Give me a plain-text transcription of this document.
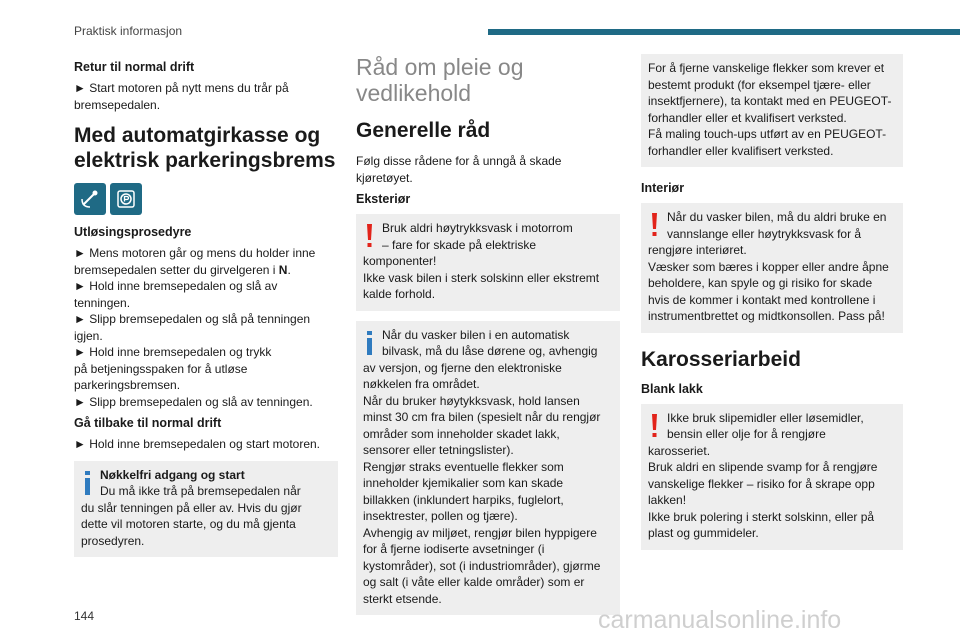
Praktisk informasjon
Retur til normal drift
► Start motoren på nytt mens du trår på
bremsepedalen.
Med automatgirkasse og
elektrisk parkeringsbrems
Utløsingsprosedyre
► Mens motoren går og mens du holder inne
bremsepedalen setter du girvelgeren i N.
► Hold inne bremsepedalen og slå av
tenningen.
► Slipp bremsepedalen og slå på tenningen
igjen.
► Hold inne bremsepedalen og trykk
på betjeningsspaken for å utløse
parkeringsbremsen.
► Slipp bremsepedalen og slå av tenningen.
Gå tilbake til normal drift
► Hold inne bremsepedalen og start motoren.
Nøkkelfri adgang og start
Du må ikke trå på bremsepedalen når
du slår tenningen på eller av. Hvis du gjør
dette vil motoren starte, og du må gjenta
prosedyren.
Råd om pleie og
vedlikehold
Generelle råd
Følg disse rådene for å unngå å skade
kjøretøyet.
Eksteriør
Bruk aldri høytrykksvask i motorrom
– fare for skade på elektriske
komponenter!
Ikke vask bilen i sterk solskinn eller ekstremt
kalde forhold.
Når du vasker bilen i en automatisk
bilvask, må du låse dørene og, avhengig
av versjon, og fjerne den elektroniske
nøkkelen fra området.
Når du bruker høytykksvask, hold lansen
minst 30 cm fra bilen (spesielt når du rengjør
områder som inneholder skadet lakk,
sensorer eller tetningslister).
Rengjør straks eventuelle flekker som
inneholder kjemikalier som kan skade
billakken (inklundert harpiks, fuglelort,
insektrester, pollen og tjære).
Avhengig av miljøet, rengjør bilen hyppigere
for å fjerne iodiserte avsetninger (i
kystområder), sot (i industriområder), gjørme
og salt (i våte eller kalde områder) som er
sterkt etsende.
For å fjerne vanskelige flekker som krever et
bestemt produkt (for eksempel tjære- eller
insektfjernere), ta kontakt med en PEUGEOT-
forhandler eller et kvalifisert verksted.
Få maling touch-ups utført av en PEUGEOT-
forhandler eller kvalifisert verksted.
Interiør
Når du vasker bilen, må du aldri bruke en
vannslange eller høytrykksvask for å
rengjøre interiøret.
Væsker som bæres i kopper eller andre åpne
beholdere, kan spyle og gi risiko for skade
hvis de kommer i kontakt med kontrollene i
instrumentbrettet og midtkonsollen. Pass på!
Karosseriarbeid
Blank lakk
Ikke bruk slipemidler eller løsemidler,
bensin eller olje for å rengjøre
karosseriet.
Bruk aldri en slipende svamp for å rengjøre
vanskelige flekker – risiko for å skrape opp
lakken!
Ikke bruk polering i sterkt solskinn, eller på
plast og gummideler.
144	carmanualsonline.info
